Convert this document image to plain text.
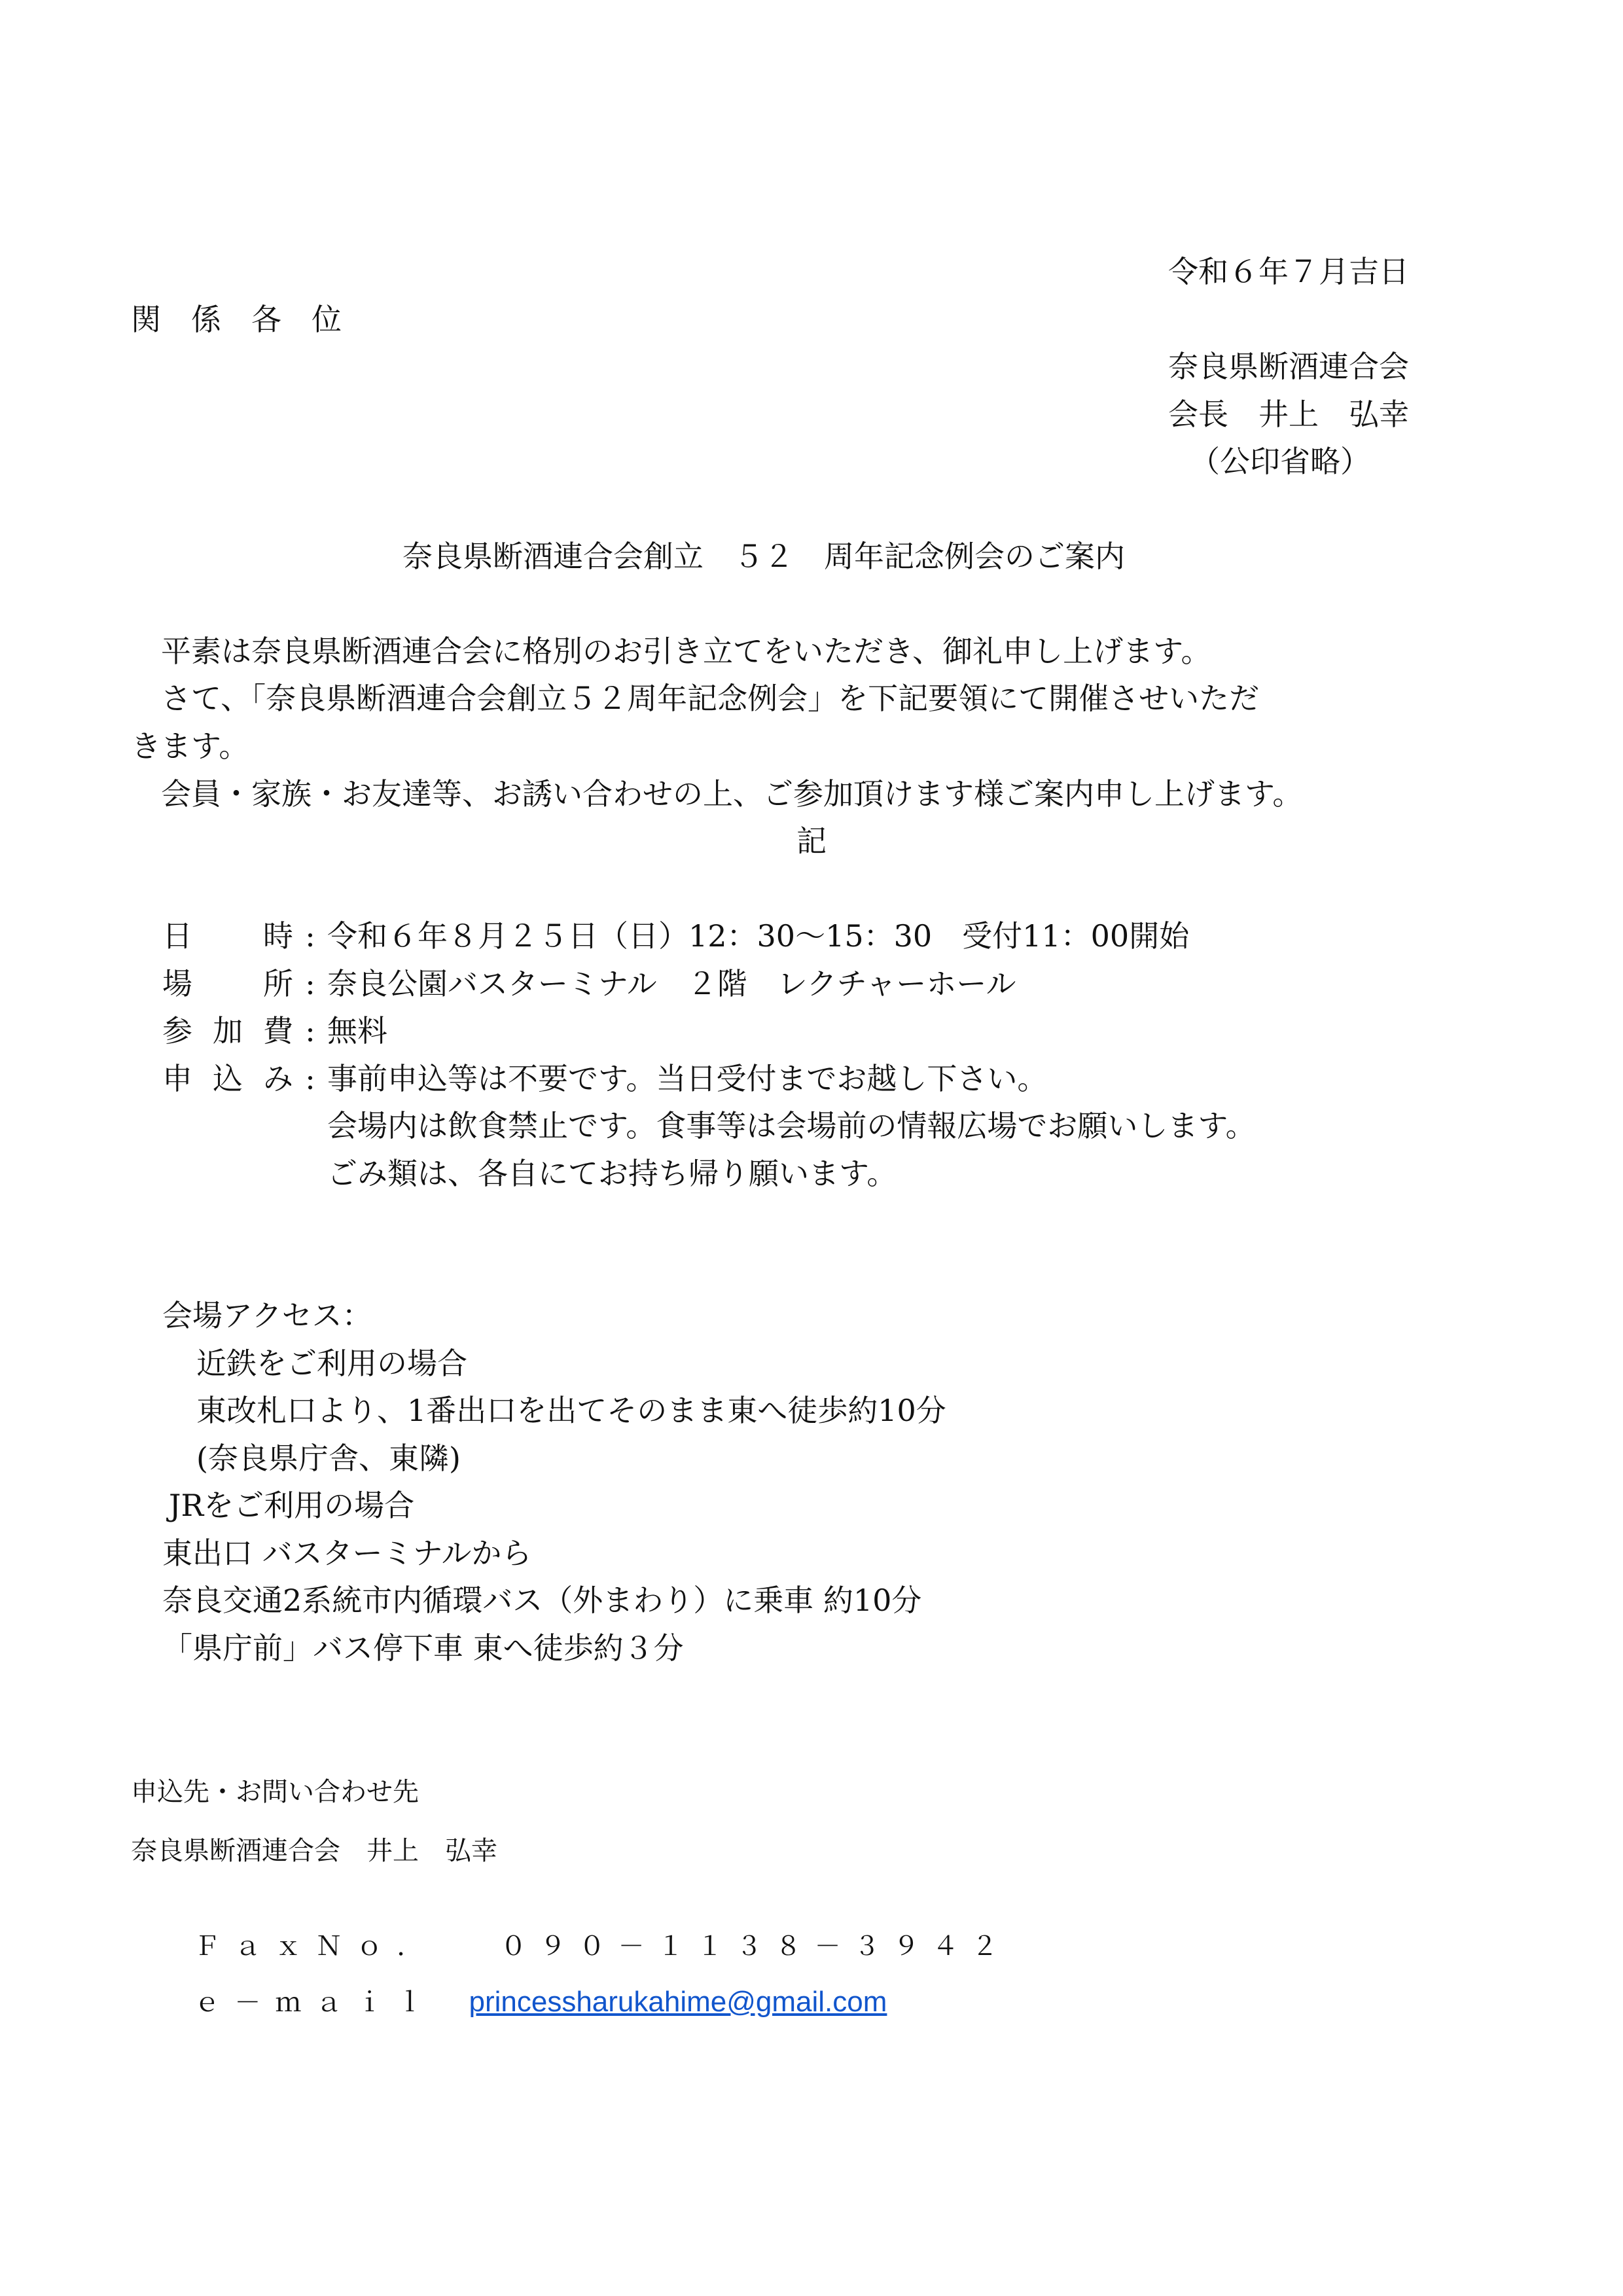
令和６年７月吉日
関　係　各　位
奈良県断酒連合会
会長　井上　弘幸
（公印省略）
奈良県断酒連合会創立　５２　周年記念例会のご案内
　平素は奈良県断酒連合会に格別のお引き立てをいただき、御礼申し上げます。
　さて、「奈良県断酒連合会創立５２周年記念例会」を下記要領にて開催させいただ
きます。
　会員・家族・お友達等、お誘い合わせの上、ご参加頂けます様ご案内申し上げます。
記
日　時 : 令和６年８月２５日（日）12：30～15：30　受付11：00開始
場　所 : 奈良公園バスターミナル　２階　レクチャーホール
参加費 : 無料
申込み : 事前申込等は不要です。当日受付までお越し下さい。
会場内は飲食禁止です。食事等は会場前の情報広場でお願いします。
ごみ類は、各自にてお持ち帰り願います。
会場アクセス：
近鉄をご利用の場合
東改札口より、1番出口を出てそのまま東へ徒歩約10分
(奈良県庁舎、東隣)
JRをご利用の場合
東出口 バスターミナルから
奈良交通2系統市内循環バス（外まわり）に乗車 約10分
「県庁前」バス停下車 東へ徒歩約３分
申込先・お問い合わせ先
奈良県断酒連合会　井上　弘幸

ＦａｘＮｏ． ０９０－１１３８－３９４２

ｅ－ｍａｉｌ princessharukahime@gmail.com
